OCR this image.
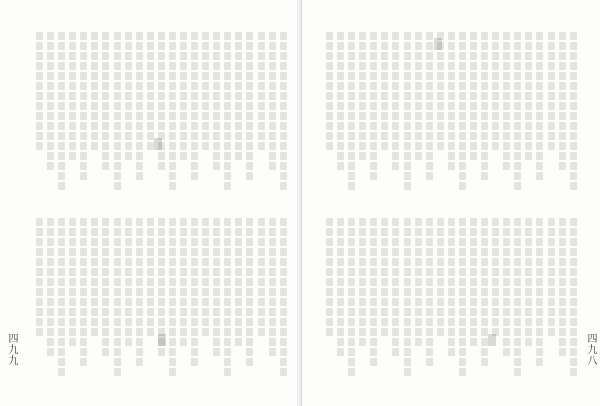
四九九	四九八
